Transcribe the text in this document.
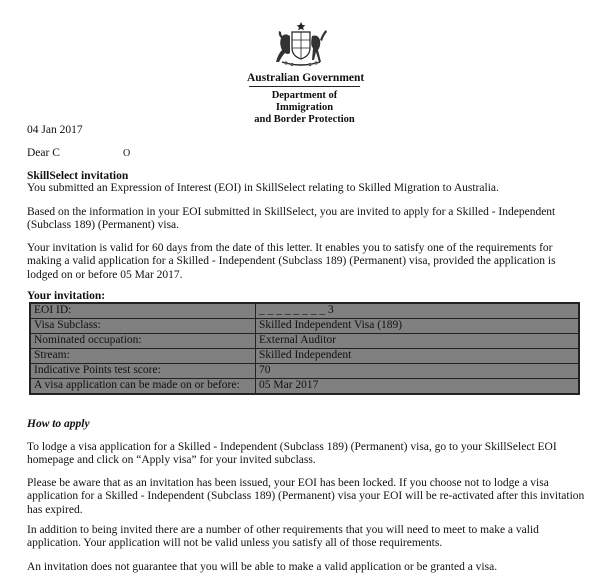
Australian Government
Department of Immigration
and Border Protection
04 Jan 2017
Dear C	O
SkillSelect invitation

You submitted an Expression of Interest (EOI) in SkillSelect relating to Skilled Migration to Australia.

Based on the information in your EOI submitted in SkillSelect, you are invited to apply for a Skilled - Independent (Subclass 189) (Permanent) visa.

Your invitation is valid for 60 days from the date of this letter. It enables you to satisfy one of the requirements for making a valid application for a Skilled - Independent (Subclass 189) (Permanent) visa, provided the application is lodged on or before 05 Mar 2017.

Your invitation:
How to apply

To lodge a visa application for a Skilled - Independent (Subclass 189) (Permanent) visa, go to your SkillSelect EOI homepage and click on “Apply visa” for your invited subclass.

Please be aware that as an invitation has been issued, your EOI has been locked. If you choose not to lodge a visa application for a Skilled - Independent (Subclass 189) (Permanent) visa your EOI will be re-activated after this invitation has expired.

In addition to being invited there are a number of other requirements that you will need to meet to make a valid application. Your application will not be valid unless you satisfy all of those requirements.

An invitation does not guarantee that you will be able to make a valid application or be granted a visa.

EOI ID:	_ _ _ _ _ _ _ _ 3
Visa Subclass:	Skilled Independent Visa (189)
Nominated occupation:	External Auditor
Stream:	Skilled Independent
Indicative Points test score:	70
A visa application can be made on or before:	05 Mar 2017
